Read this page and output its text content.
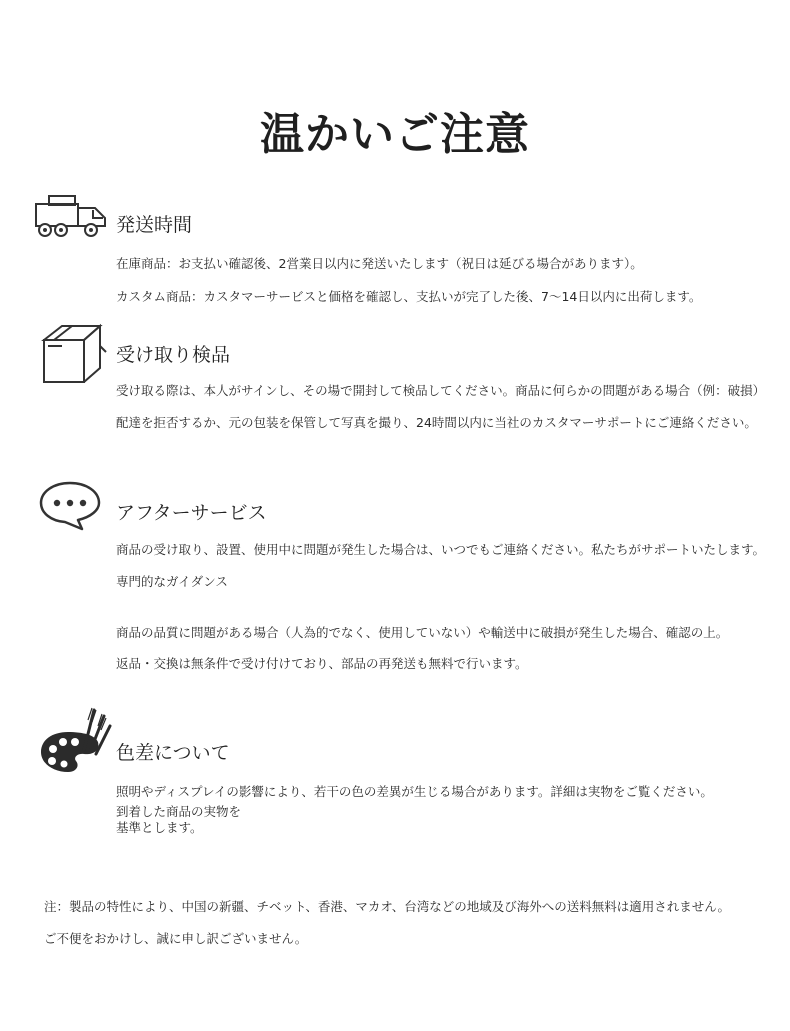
温かいご注意
発送時間
在庫商品：お支払い確認後、2営業日以内に発送いたします（祝日は延びる場合があります）。
カスタム商品：カスタマーサービスと価格を確認し、支払いが完了した後、7〜14日以内に出荷します。
受け取り検品
受け取る際は、本人がサインし、その場で開封して検品してください。商品に何らかの問題がある場合（例：破損）
配達を拒否するか、元の包装を保管して写真を撮り、24時間以内に当社のカスタマーサポートにご連絡ください。
アフターサービス
商品の受け取り、設置、使用中に問題が発生した場合は、いつでもご連絡ください。私たちがサポートいたします。
専門的なガイダンス
商品の品質に問題がある場合（人為的でなく、使用していない）や輸送中に破損が発生した場合、確認の上。
返品・交換は無条件で受け付けており、部品の再発送も無料で行います。
色差について
照明やディスプレイの影響により、若干の色の差異が生じる場合があります。詳細は実物をご覧ください。
到着した商品の実物を
基準とします。
注：製品の特性により、中国の新疆、チベット、香港、マカオ、台湾などの地域及び海外への送料無料は適用されません。
ご不便をおかけし、誠に申し訳ございません。
